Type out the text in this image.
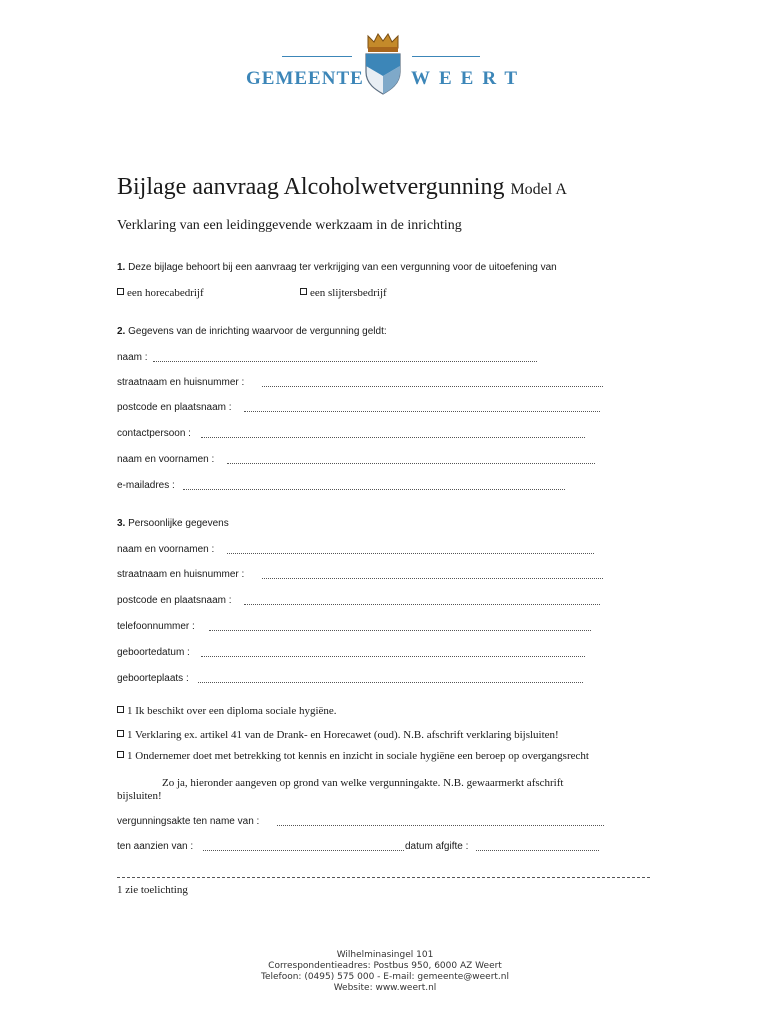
GEMEENTE WEERT
Bijlage aanvraag Alcoholwetvergunning Model A
Verklaring van een leidinggevende werkzaam in de inrichting
1. Deze bijlage behoort bij een aanvraag ter verkrijging van een vergunning voor de uitoefening van
een horecabedrijf	een slijtersbedrijf
2. Gegevens van de inrichting waarvoor de vergunning geldt:
naam :
straatnaam en huisnummer :
postcode en plaatsnaam :
contactpersoon :
naam en voornamen :
e-mailadres :
3. Persoonlijke gegevens
naam en voornamen :
straatnaam en huisnummer :
postcode en plaatsnaam :
telefoonnummer :
geboortedatum :
geboorteplaats :
1 Ik beschikt over een diploma sociale hygiëne.
1 Verklaring ex. artikel 41 van de Drank- en Horecawet (oud). N.B. afschrift verklaring bijsluiten!
1 Ondernemer doet met betrekking tot kennis en inzicht in sociale hygiëne een beroep op overgangsrecht
Zo ja, hieronder aangeven op grond van welke vergunningakte. N.B. gewaarmerkt afschrift
bijsluiten!
vergunningsakte ten name van :
ten aanzien van :	datum afgifte :
1 zie toelichting
Wilhelminasingel 101
Correspondentieadres: Postbus 950, 6000 AZ Weert
Telefoon: (0495) 575 000 - E-mail: gemeente@weert.nl
Website: www.weert.nl
